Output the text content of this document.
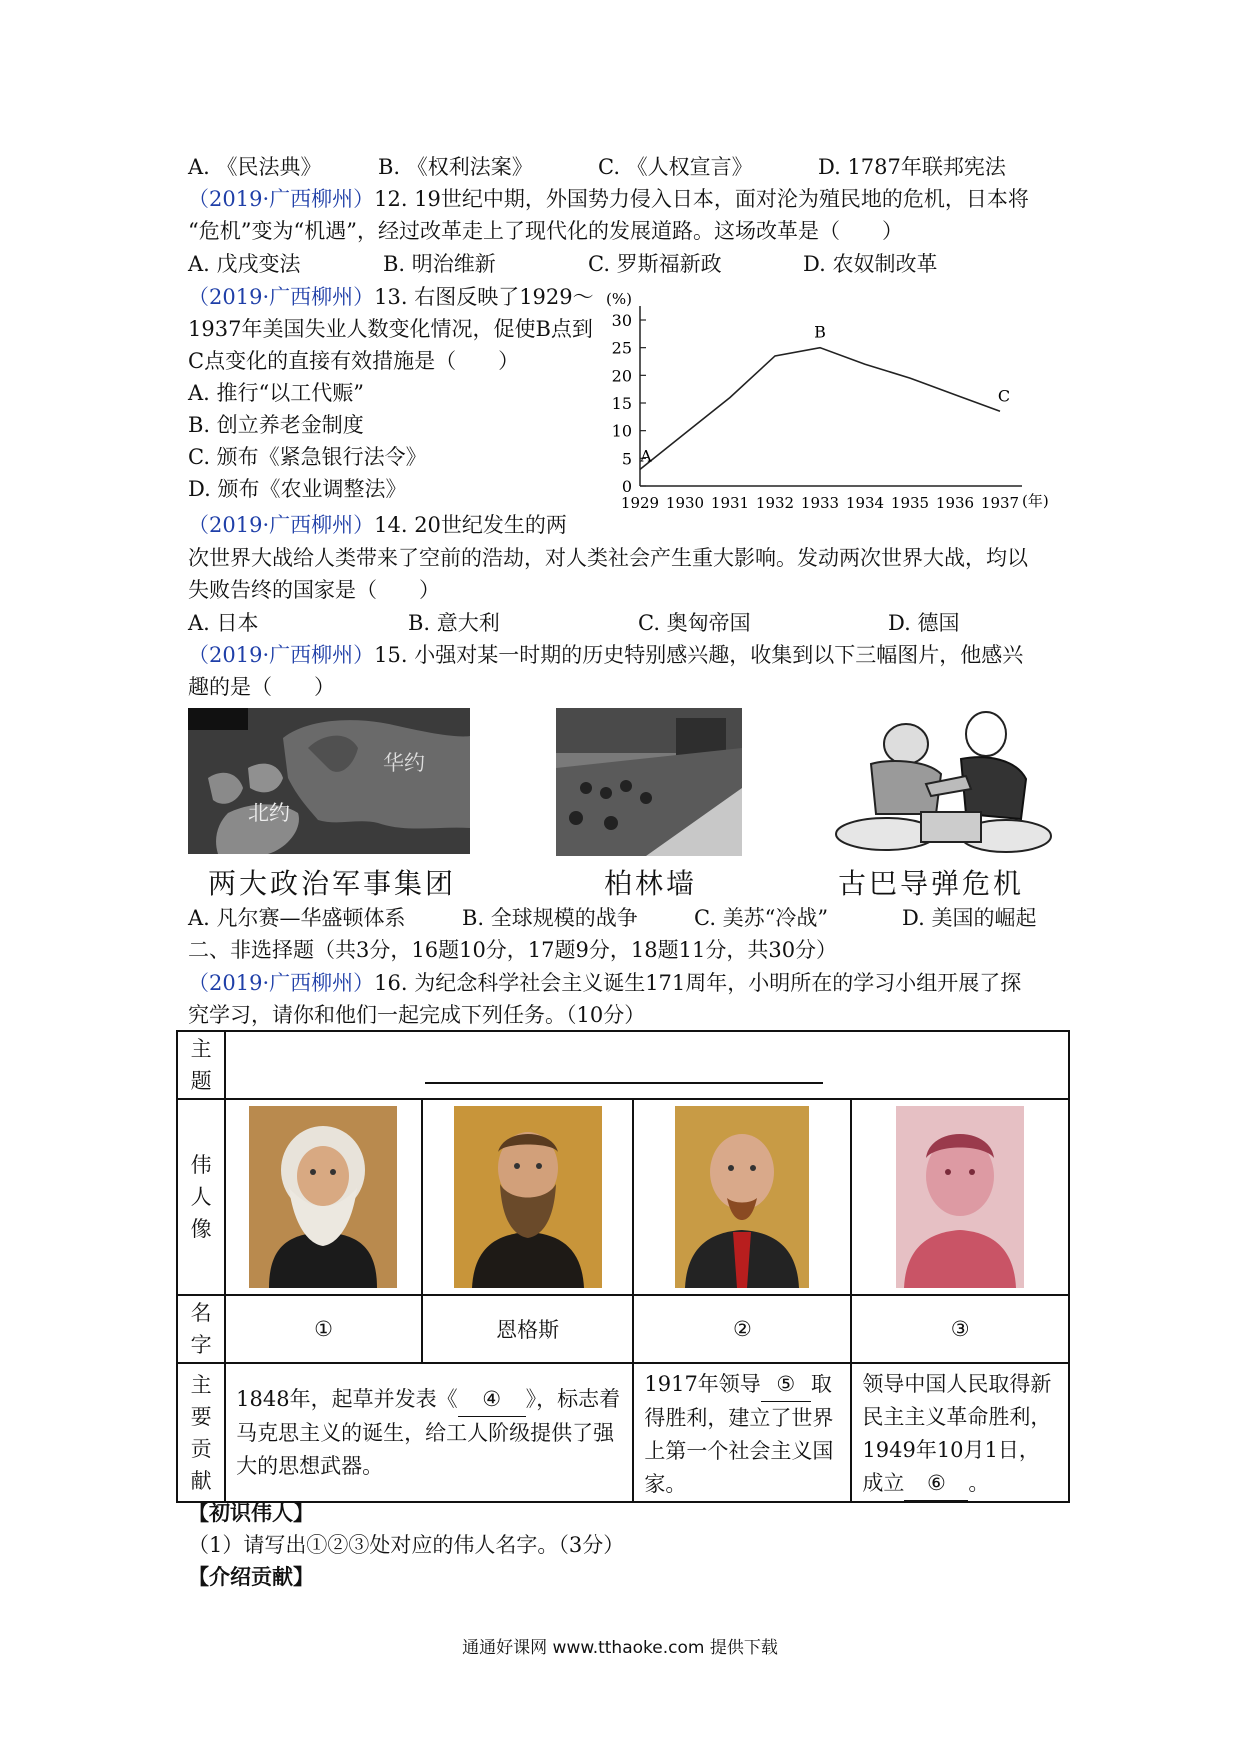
A. 《民法典》	B. 《权利法案》	C. 《人权宣言》	D. 1787年联邦宪法
（2019·广西柳州）12. 19世纪中期，外国势力侵入日本，面对沦为殖民地的危机，日本将
“危机”变为“机遇”，经过改革走上了现代化的发展道路。这场改革是（　　）
A. 戊戌变法	B. 明治维新	C. 罗斯福新政	D. 农奴制改革
（2019·广西柳州）13. 右图反映了1929～
1937年美国失业人数变化情况，促使B点到
C点变化的直接有效措施是（　　）
A. 推行“以工代赈”
B. 创立养老金制度
C. 颁布《紧急银行法令》
D. 颁布《农业调整法》
(%)
0
5
10
15
20
25
30
1929 1930 1931 1932 1933 1934 1935 1936 1937 (年)
A
B
C
（2019·广西柳州）14. 20世纪发生的两
次世界大战给人类带来了空前的浩劫，对人类社会产生重大影响。发动两次世界大战，均以
失败告终的国家是（　　）
A. 日本	B. 意大利	C. 奥匈帝国	D. 德国
（2019·广西柳州）15. 小强对某一时期的历史特别感兴趣，收集到以下三幅图片，他感兴
趣的是（　　）
华约
北约
两大政治军事集团	柏林墙	古巴导弹危机
A. 凡尔赛—华盛顿体系	B. 全球规模的战争	C. 美苏“冷战”	D. 美国的崛起
二、非选择题（共3分，16题10分，17题9分，18题11分，共30分）
（2019·广西柳州）16. 为纪念科学社会主义诞生171周年，小明所在的学习小组开展了探
究学习，请你和他们一起完成下列任务。（10分）
主题				

伟人像	

名字	①	恩格斯	②	③
主要贡献	1848年，起草并发表《 ④ 》，标志着马克思主义的诞生，给工人阶级提供了强大的思想武器。		1917年领导 ⑤ 取得胜利，建立了世界上第一个社会主义国家。	领导中国人民取得新民主主义革命胜利，1949年10月1日，成立 ⑥ 。
【初识伟人】
（1）请写出①②③处对应的伟人名字。（3分）
【介绍贡献】
通通好课网 www.tthaoke.com 提供下载
